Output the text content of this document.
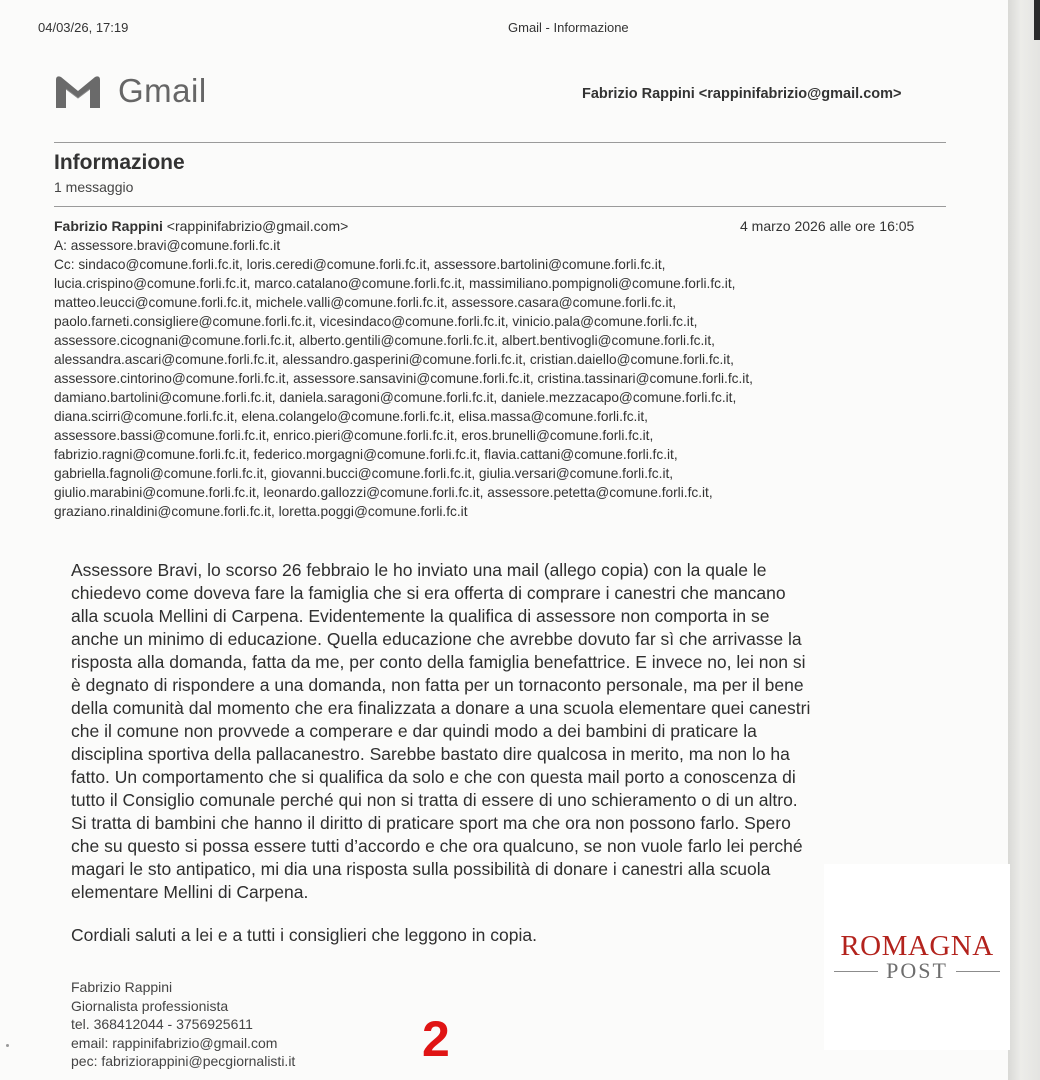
04/03/26, 17:19	Gmail - Informazione
Gmail	Fabrizio Rappini <rappinifabrizio@gmail.com>
Informazione
1 messaggio
Fabrizio Rappini <rappinifabrizio@gmail.com>	4 marzo 2026 alle ore 16:05
A: assessore.bravi@comune.forli.fc.it
Cc: sindaco@comune.forli.fc.it, loris.ceredi@comune.forli.fc.it, assessore.bartolini@comune.forli.fc.it,
lucia.crispino@comune.forli.fc.it, marco.catalano@comune.forli.fc.it, massimiliano.pompignoli@comune.forli.fc.it,
matteo.leucci@comune.forli.fc.it, michele.valli@comune.forli.fc.it, assessore.casara@comune.forli.fc.it,
paolo.farneti.consigliere@comune.forli.fc.it, vicesindaco@comune.forli.fc.it, vinicio.pala@comune.forli.fc.it,
assessore.cicognani@comune.forli.fc.it, alberto.gentili@comune.forli.fc.it, albert.bentivogli@comune.forli.fc.it,
alessandra.ascari@comune.forli.fc.it, alessandro.gasperini@comune.forli.fc.it, cristian.daiello@comune.forli.fc.it,
assessore.cintorino@comune.forli.fc.it, assessore.sansavini@comune.forli.fc.it, cristina.tassinari@comune.forli.fc.it,
damiano.bartolini@comune.forli.fc.it, daniela.saragoni@comune.forli.fc.it, daniele.mezzacapo@comune.forli.fc.it,
diana.scirri@comune.forli.fc.it, elena.colangelo@comune.forli.fc.it, elisa.massa@comune.forli.fc.it,
assessore.bassi@comune.forli.fc.it, enrico.pieri@comune.forli.fc.it, eros.brunelli@comune.forli.fc.it,
fabrizio.ragni@comune.forli.fc.it, federico.morgagni@comune.forli.fc.it, flavia.cattani@comune.forli.fc.it,
gabriella.fagnoli@comune.forli.fc.it, giovanni.bucci@comune.forli.fc.it, giulia.versari@comune.forli.fc.it,
giulio.marabini@comune.forli.fc.it, leonardo.gallozzi@comune.forli.fc.it, assessore.petetta@comune.forli.fc.it,
graziano.rinaldini@comune.forli.fc.it, loretta.poggi@comune.forli.fc.it
Assessore Bravi, lo scorso 26 febbraio le ho inviato una mail (allego copia) con la quale le
chiedevo come doveva fare la famiglia che si era offerta di comprare i canestri che mancano
alla scuola Mellini di Carpena. Evidentemente la qualifica di assessore non comporta in se
anche un minimo di educazione. Quella educazione che avrebbe dovuto far sì che arrivasse la
risposta alla domanda, fatta da me, per conto della famiglia benefattrice. E invece no, lei non si
è degnato di rispondere a una domanda, non fatta per un tornaconto personale, ma per il bene
della comunità dal momento che era finalizzata a donare a una scuola elementare quei canestri
che il comune non provvede a comperare e dar quindi modo a dei bambini di praticare la
disciplina sportiva della pallacanestro. Sarebbe bastato dire qualcosa in merito, ma non lo ha
fatto. Un comportamento che si qualifica da solo e che con questa mail porto a conoscenza di
tutto il Consiglio comunale perché qui non si tratta di essere di uno schieramento o di un altro.
Si tratta di bambini che hanno il diritto di praticare sport ma che ora non possono farlo. Spero
che su questo si possa essere tutti d’accordo e che ora qualcuno, se non vuole farlo lei perché
magari le sto antipatico, mi dia una risposta sulla possibilità di donare i canestri alla scuola
elementare Mellini di Carpena.
Cordiali saluti a lei e a tutti i consiglieri che leggono in copia.
Fabrizio Rappini
Giornalista professionista
tel. 368412044 - 3756925611
email: rappinifabrizio@gmail.com
pec: fabriziorappini@pecgiornalisti.it	2
ROMAGNA
POST
